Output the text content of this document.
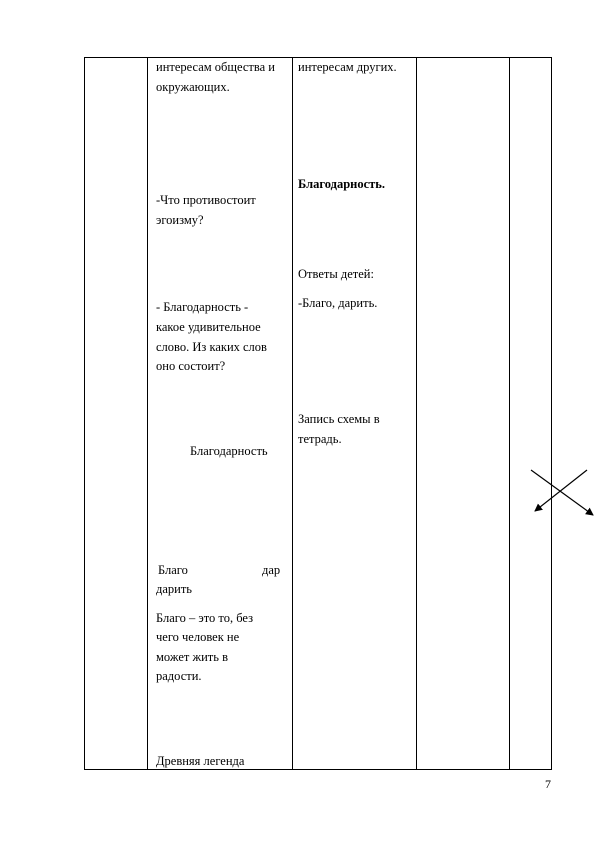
интересам общества и
окружающих.
-Что противостоит
эгоизму?
- Благодарность -
какое удивительное
слово. Из каких слов
оно состоит?
Благодарность
Благо	дар
дарить
Благо – это то, без
чего человек не
может жить в
радости.
Древняя легенда
интересам других.
Благодарность.
Ответы детей:
-Благо, дарить.
Запись схемы в
тетрадь.
7
